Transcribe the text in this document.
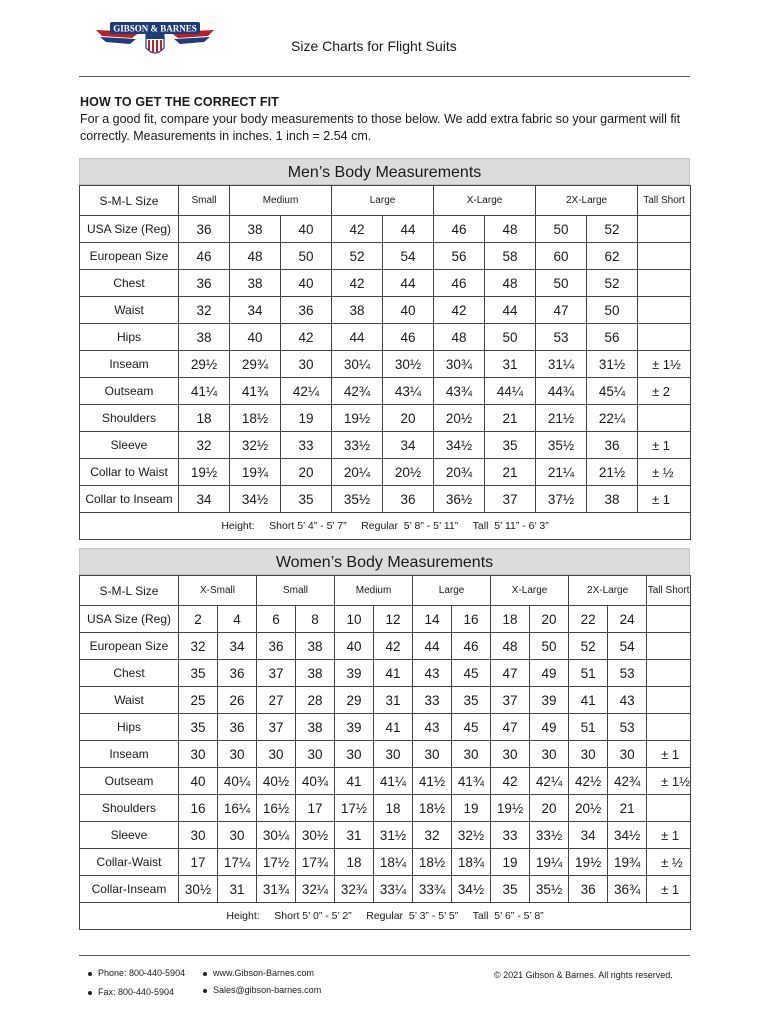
GIBSON & BARNES
Size Charts for Flight Suits
HOW TO GET THE CORRECT FIT
For a good fit, compare your body measurements to those below. We add extra fabric so your garment will fit correctly. Measurements in inches. 1 inch = 2.54 cm.
Men’s Body Measurements
S-M-L Size	Small	Medium		Large		X-Large		2X-Large		Tall Short
USA Size (Reg)	36	38	40	42	44	46	48	50	52	
European Size	46	48	50	52	54	56	58	60	62	
Chest	36	38	40	42	44	46	48	50	52	
Waist	32	34	36	38	40	42	44	47	50	
Hips	38	40	42	44	46	48	50	53	56	
Inseam	29½	29¾	30	30¼	30½	30¾	31	31¼	31½	± 1½
Outseam	41¼	41¾	42¼	42¾	43¼	43¾	44¼	44¾	45¼	± 2
Shoulders	18	18½	19	19½	20	20½	21	21½	22¼	
Sleeve	32	32½	33	33½	34	34½	35	35½	36	± 1
Collar to Waist	19½	19¾	20	20¼	20½	20¾	21	21¼	21½	± ½
Collar to Inseam	34	34½	35	35½	36	36½	37	37½	38	± 1
Height:     Short 5’ 4” - 5’ 7”     Regular  5’ 8” - 5’ 11”     Tall  5’ 11” - 6’ 3”										
Women’s Body Measurements
S-M-L Size	X-Small		Small		Medium		Large		X-Large		2X-Large		Tall Short
USA Size (Reg)	2	4	6	8	10	12	14	16	18	20	22	24	
European Size	32	34	36	38	40	42	44	46	48	50	52	54	
Chest	35	36	37	38	39	41	43	45	47	49	51	53	
Waist	25	26	27	28	29	31	33	35	37	39	41	43	
Hips	35	36	37	38	39	41	43	45	47	49	51	53	
Inseam	30	30	30	30	30	30	30	30	30	30	30	30	± 1
Outseam	40	40¼	40½	40¾	41	41¼	41½	41¾	42	42¼	42½	42¾	± 1½
Shoulders	16	16¼	16½	17	17½	18	18½	19	19½	20	20½	21	
Sleeve	30	30	30¼	30½	31	31½	32	32½	33	33½	34	34½	± 1
Collar-Waist	17	17¼	17½	17¾	18	18¼	18½	18¾	19	19¼	19½	19¾	± ½
Collar-Inseam	30½	31	31¾	32¼	32¾	33¼	33¾	34½	35	35½	36	36¾	± 1
Height:     Short 5’ 0” - 5’ 2”     Regular  5’ 3” - 5’ 5”     Tall  5’ 6” - 5’ 8”													
Phone: 800-440-5904
Fax: 800-440-5904
www.Gibson-Barnes.com
Sales@gibson-barnes.com
© 2021 Gibson & Barnes. All rights reserved.
